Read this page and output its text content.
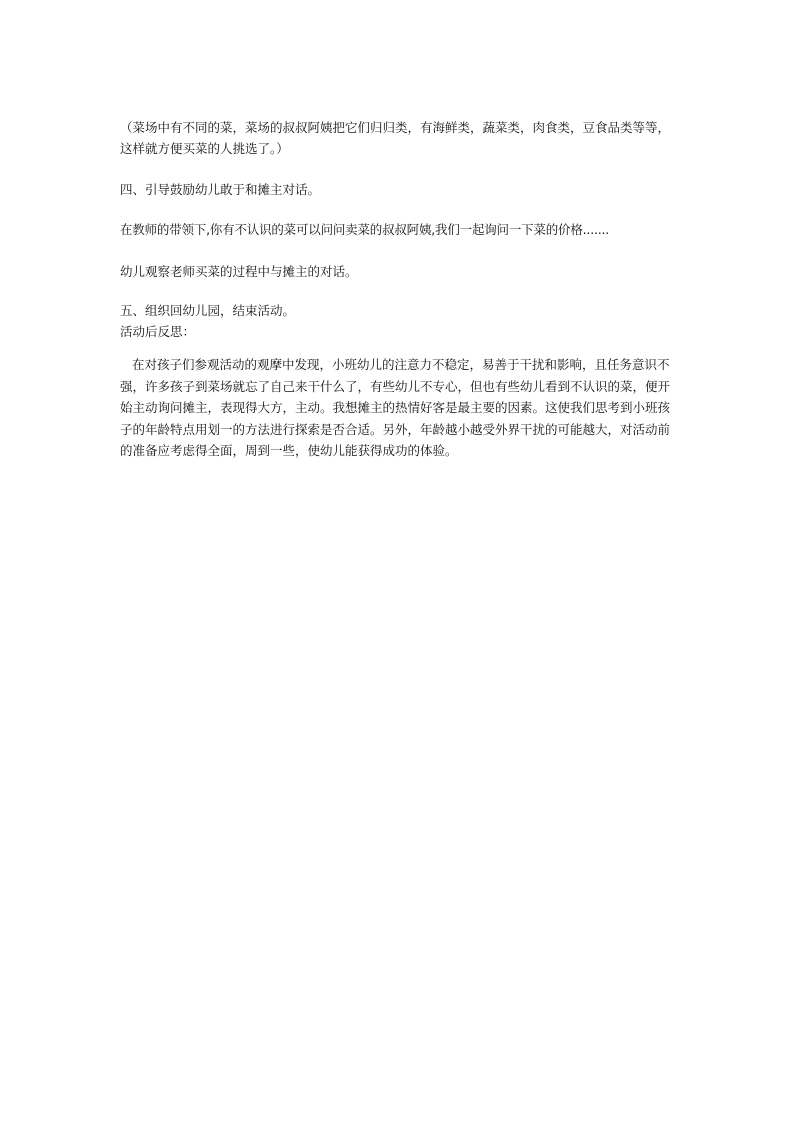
（菜场中有不同的菜，菜场的叔叔阿姨把它们归归类，有海鲜类，蔬菜类，肉食类，豆食品类等等，这样就方便买菜的人挑选了。）

四、引导鼓励幼儿敢于和摊主对话。

在教师的带领下,你有不认识的菜可以问问卖菜的叔叔阿姨,我们一起询问一下菜的价格.......

幼儿观察老师买菜的过程中与摊主的对话。

五、组织回幼儿园，结束活动。

活动后反思：

在对孩子们参观活动的观摩中发现，小班幼儿的注意力不稳定，易善于干扰和影响，且任务意识不强，许多孩子到菜场就忘了自己来干什么了，有些幼儿不专心，但也有些幼儿看到不认识的菜，便开始主动询问摊主，表现得大方，主动。我想摊主的热情好客是最主要的因素。这使我们思考到小班孩子的年龄特点用划一的方法进行探索是否合适。另外，年龄越小越受外界干扰的可能越大，对活动前的准备应考虑得全面，周到一些，使幼儿能获得成功的体验。
